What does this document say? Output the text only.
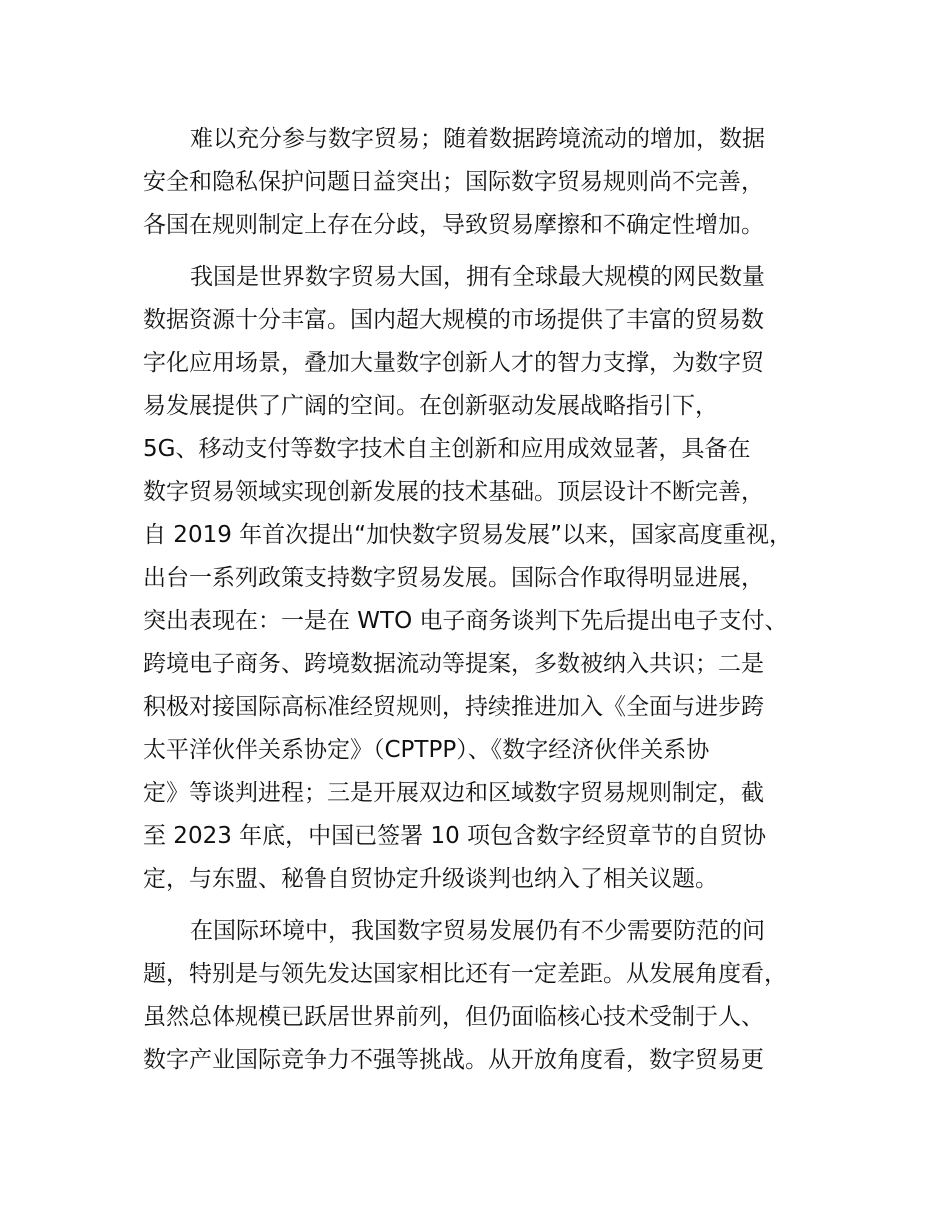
难以充分参与数字贸易；随着数据跨境流动的增加，数据

安全和隐私保护问题日益突出；国际数字贸易规则尚不完善，

各国在规则制定上存在分歧，导致贸易摩擦和不确定性增加。

我国是世界数字贸易大国，拥有全球最大规模的网民数量

数据资源十分丰富。国内超大规模的市场提供了丰富的贸易数

字化应用场景，叠加大量数字创新人才的智力支撑，为数字贸

易发展提供了广阔的空间。在创新驱动发展战略指引下，

5G、移动支付等数字技术自主创新和应用成效显著，具备在

数字贸易领域实现创新发展的技术基础。顶层设计不断完善，

自 2019 年首次提出“加快数字贸易发展”以来，国家高度重视，

出台一系列政策支持数字贸易发展。国际合作取得明显进展，

突出表现在：一是在 WTO 电子商务谈判下先后提出电子支付、

跨境电子商务、跨境数据流动等提案，多数被纳入共识；二是

积极对接国际高标准经贸规则，持续推进加入《全面与进步跨

太平洋伙伴关系协定》（CPTPP）、《数字经济伙伴关系协

定》等谈判进程；三是开展双边和区域数字贸易规则制定，截

至 2023 年底，中国已签署 10 项包含数字经贸章节的自贸协

定，与东盟、秘鲁自贸协定升级谈判也纳入了相关议题。

在国际环境中，我国数字贸易发展仍有不少需要防范的问

题，特别是与领先发达国家相比还有一定差距。从发展角度看，

虽然总体规模已跃居世界前列，但仍面临核心技术受制于人、

数字产业国际竞争力不强等挑战。从开放角度看，数字贸易更
